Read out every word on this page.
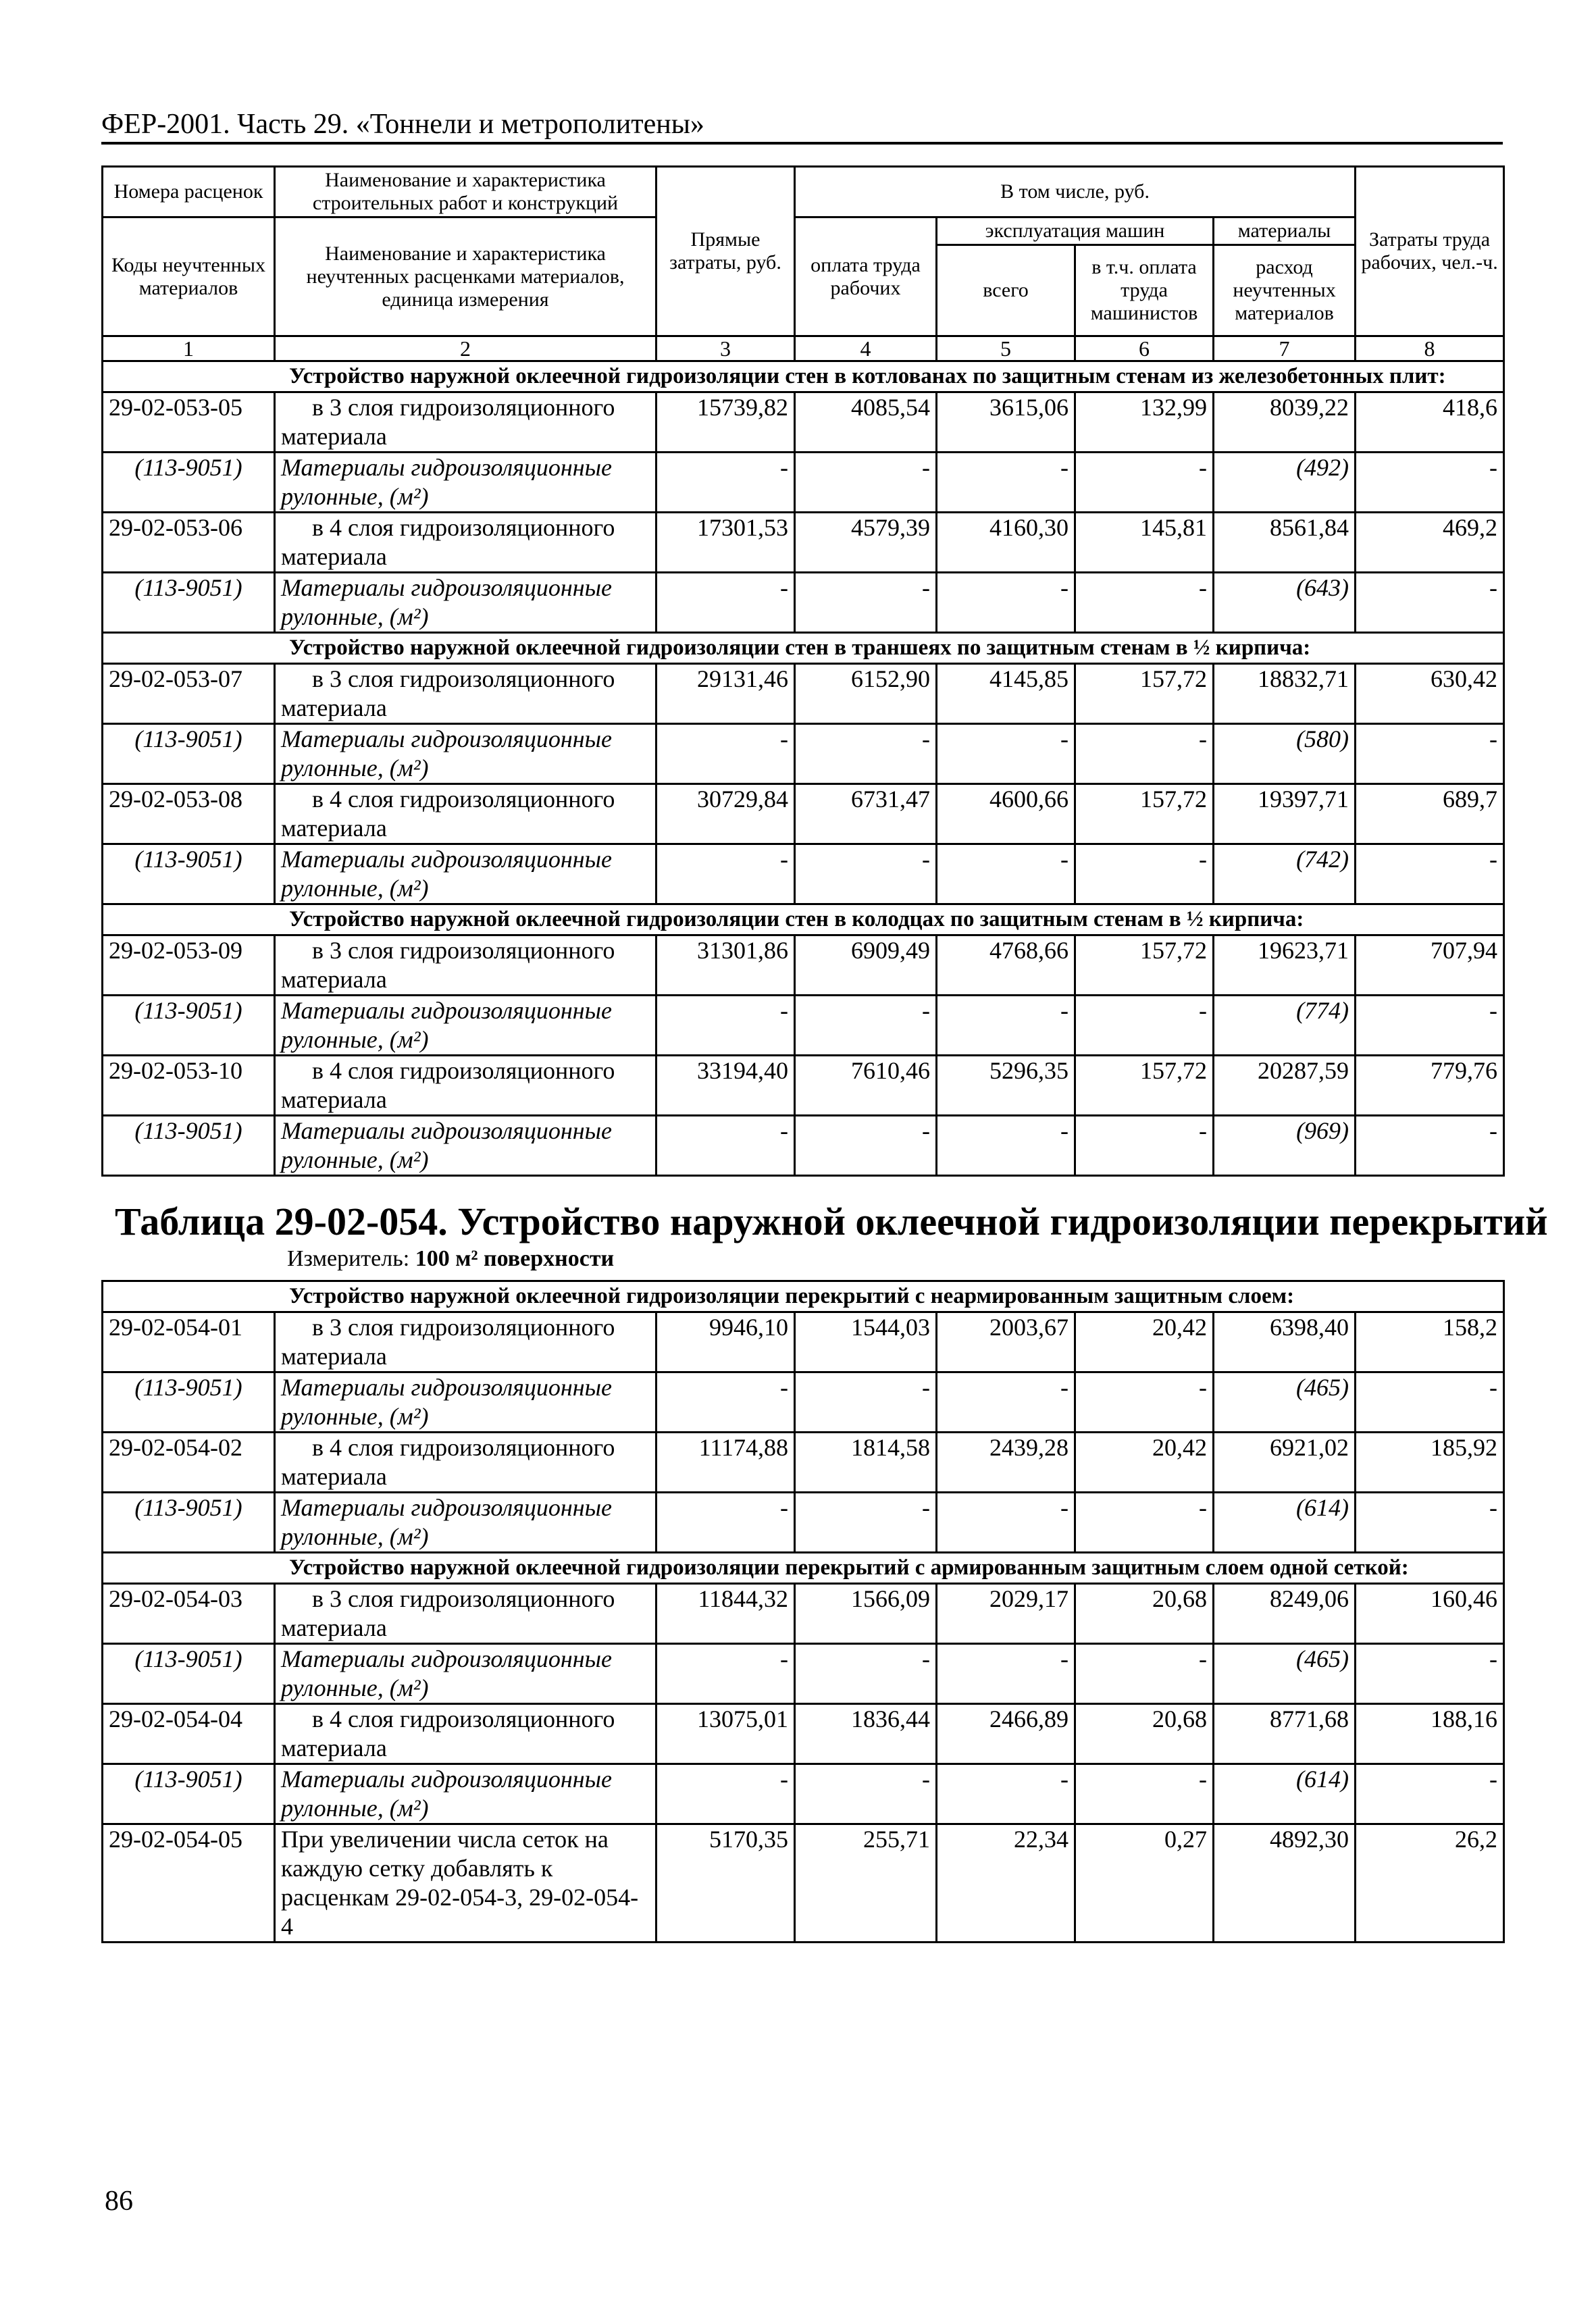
ФЕР-2001. Часть 29. «Тоннели и метрополитены»
Номера расценок	Наименование и характеристика строительных работ и конструкций	Прямые затраты, руб.	В том числе, руб.				Затраты труда рабочих, чел.-ч.
Коды неучтенных материалов	Наименование и характеристика неучтенных расценками материалов, единица измерения		оплата труда рабочих	эксплуатация машин		материалы	
				всего	в т.ч. оплата труда машинистов	расход неучтенных материалов	
1	2	3	4	5	6	7	8
Устройство наружной оклеечной гидроизоляции стен в котлованах по защитным стенам из железобетонных плит:							
29-02-053-05	в 3 слоя гидроизоляционного материала	15739,82	4085,54	3615,06	132,99	8039,22	418,6
(113-9051)	Материалы гидроизоляционные рулонные, (м²)	-	-	-	-	(492)	-
29-02-053-06	в 4 слоя гидроизоляционного материала	17301,53	4579,39	4160,30	145,81	8561,84	469,2
(113-9051)	Материалы гидроизоляционные рулонные, (м²)	-	-	-	-	(643)	-
Устройство наружной оклеечной гидроизоляции стен в траншеях по защитным стенам в ½ кирпича:							
29-02-053-07	в 3 слоя гидроизоляционного материала	29131,46	6152,90	4145,85	157,72	18832,71	630,42
(113-9051)	Материалы гидроизоляционные рулонные, (м²)	-	-	-	-	(580)	-
29-02-053-08	в 4 слоя гидроизоляционного материала	30729,84	6731,47	4600,66	157,72	19397,71	689,7
(113-9051)	Материалы гидроизоляционные рулонные, (м²)	-	-	-	-	(742)	-
Устройство наружной оклеечной гидроизоляции стен в колодцах по защитным стенам в ½ кирпича:							
29-02-053-09	в 3 слоя гидроизоляционного материала	31301,86	6909,49	4768,66	157,72	19623,71	707,94
(113-9051)	Материалы гидроизоляционные рулонные, (м²)	-	-	-	-	(774)	-
29-02-053-10	в 4 слоя гидроизоляционного материала	33194,40	7610,46	5296,35	157,72	20287,59	779,76
(113-9051)	Материалы гидроизоляционные рулонные, (м²)	-	-	-	-	(969)	-
Таблица 29-02-054. Устройство наружной оклеечной гидроизоляции перекрытий
Измеритель: 100 м² поверхности
Устройство наружной оклеечной гидроизоляции перекрытий с неармированным защитным слоем:							
29-02-054-01	в 3 слоя гидроизоляционного материала	9946,10	1544,03	2003,67	20,42	6398,40	158,2
(113-9051)	Материалы гидроизоляционные рулонные, (м²)	-	-	-	-	(465)	-
29-02-054-02	в 4 слоя гидроизоляционного материала	11174,88	1814,58	2439,28	20,42	6921,02	185,92
(113-9051)	Материалы гидроизоляционные рулонные, (м²)	-	-	-	-	(614)	-
Устройство наружной оклеечной гидроизоляции перекрытий с армированным защитным слоем одной сеткой:							
29-02-054-03	в 3 слоя гидроизоляционного материала	11844,32	1566,09	2029,17	20,68	8249,06	160,46
(113-9051)	Материалы гидроизоляционные рулонные, (м²)	-	-	-	-	(465)	-
29-02-054-04	в 4 слоя гидроизоляционного материала	13075,01	1836,44	2466,89	20,68	8771,68	188,16
(113-9051)	Материалы гидроизоляционные рулонные, (м²)	-	-	-	-	(614)	-
29-02-054-05	При увеличении числа сеток на каждую сетку добавлять к расценкам 29-02-054-3, 29-02-054-4	5170,35	255,71	22,34	0,27	4892,30	26,2
86
